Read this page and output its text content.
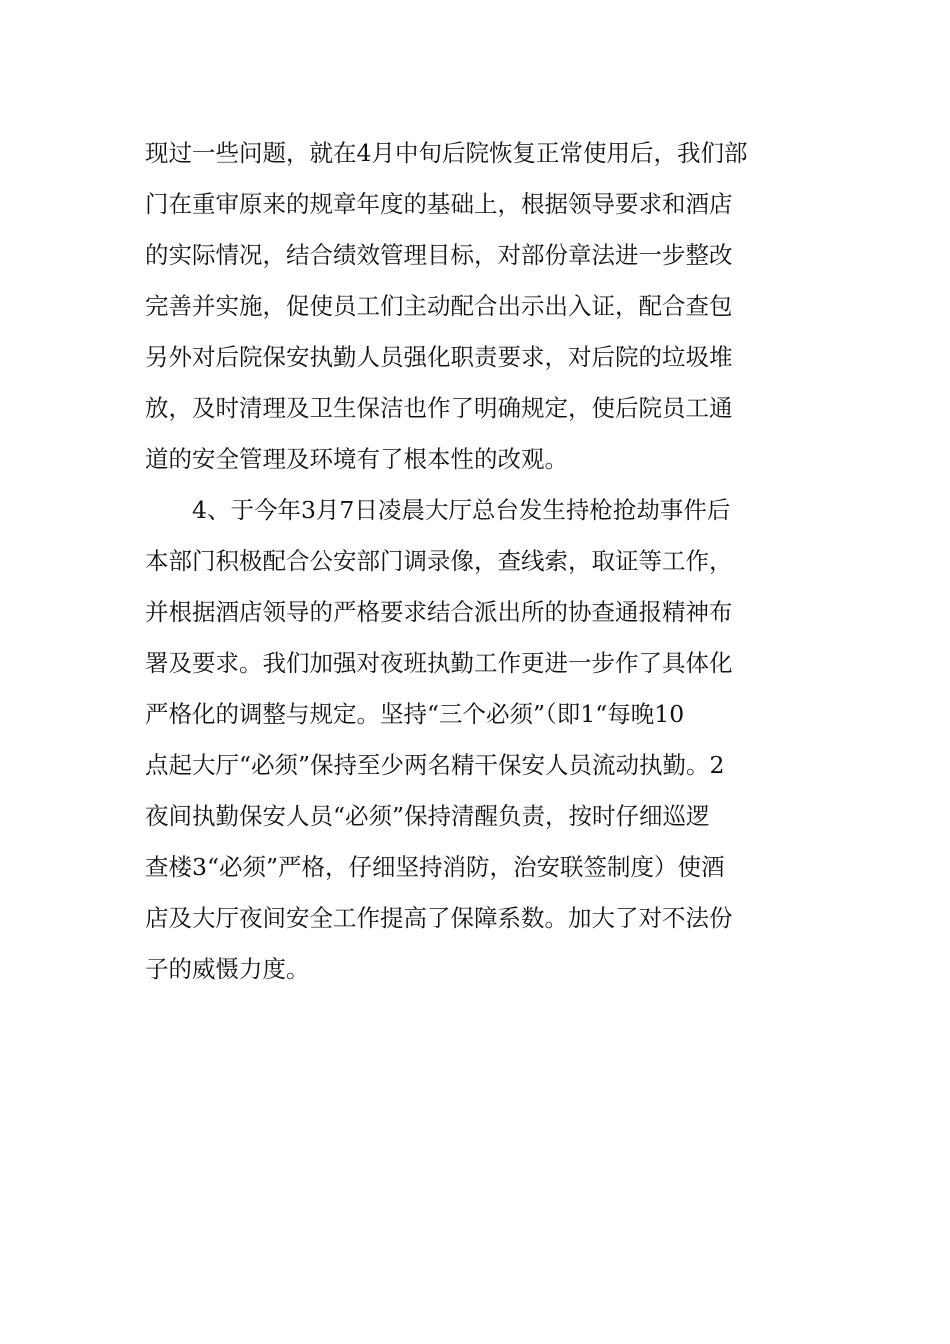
现过一些问题，就在4月中旬后院恢复正常使用后，我们部
门在重审原来的规章年度的基础上，根据领导要求和酒店
的实际情况，结合绩效管理目标，对部份章法进一步整改
完善并实施，促使员工们主动配合出示出入证，配合查包
另外对后院保安执勤人员强化职责要求，对后院的垃圾堆
放，及时清理及卫生保洁也作了明确规定，使后院员工通
道的安全管理及环境有了根本性的改观。
　　4、于今年3月7日凌晨大厅总台发生持枪抢劫事件后
本部门积极配合公安部门调录像，查线索，取证等工作，
并根据酒店领导的严格要求结合派出所的协查通报精神布
署及要求。我们加强对夜班执勤工作更进一步作了具体化
严格化的调整与规定。坚持“三个必须”（即1“每晚10
点起大厅“必须”保持至少两名精干保安人员流动执勤。2
夜间执勤保安人员“必须”保持清醒负责，按时仔细巡逻
查楼3“必须”严格，仔细坚持消防，治安联签制度）使酒
店及大厅夜间安全工作提高了保障系数。加大了对不法份
子的威慑力度。
